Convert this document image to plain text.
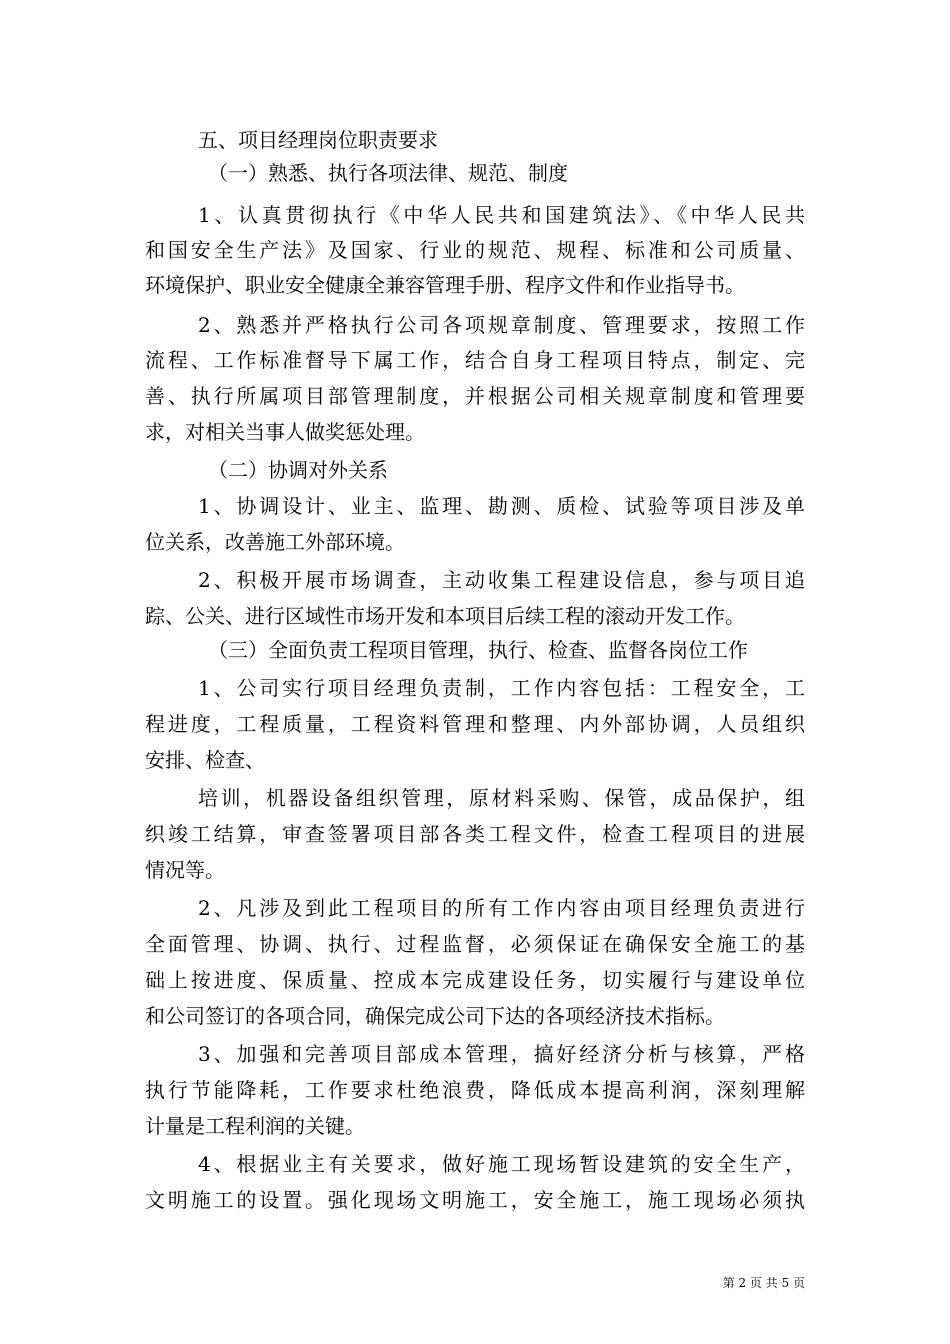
五、项目经理岗位职责要求
（一）熟悉、执行各项法律、规范、制度
1、认真贯彻执行《中华人民共和国建筑法》、《中华人民共
和国安全生产法》及国家、行业的规范、规程、标准和公司质量、
环境保护、职业安全健康全兼容管理手册、程序文件和作业指导书。
2、熟悉并严格执行公司各项规章制度、管理要求，按照工作
流程、工作标准督导下属工作，结合自身工程项目特点，制定、完
善、执行所属项目部管理制度，并根据公司相关规章制度和管理要
求，对相关当事人做奖惩处理。
（二）协调对外关系
1、协调设计、业主、监理、勘测、质检、试验等项目涉及单
位关系，改善施工外部环境。
2、积极开展市场调查，主动收集工程建设信息，参与项目追
踪、公关、进行区域性市场开发和本项目后续工程的滚动开发工作。
（三）全面负责工程项目管理，执行、检查、监督各岗位工作
1、公司实行项目经理负责制，工作内容包括：工程安全，工
程进度，工程质量，工程资料管理和整理、内外部协调，人员组织
安排、检查、
培训，机器设备组织管理，原材料采购、保管，成品保护，组
织竣工结算，审查签署项目部各类工程文件，检查工程项目的进展
情况等。
2、凡涉及到此工程项目的所有工作内容由项目经理负责进行
全面管理、协调、执行、过程监督，必须保证在确保安全施工的基
础上按进度、保质量、控成本完成建设任务，切实履行与建设单位
和公司签订的各项合同，确保完成公司下达的各项经济技术指标。
3、加强和完善项目部成本管理，搞好经济分析与核算，严格
执行节能降耗，工作要求杜绝浪费，降低成本提高利润，深刻理解
计量是工程利润的关键。
4、根据业主有关要求，做好施工现场暂设建筑的安全生产，
文明施工的设置。强化现场文明施工，安全施工，施工现场必须执
第 2 页 共 5 页
